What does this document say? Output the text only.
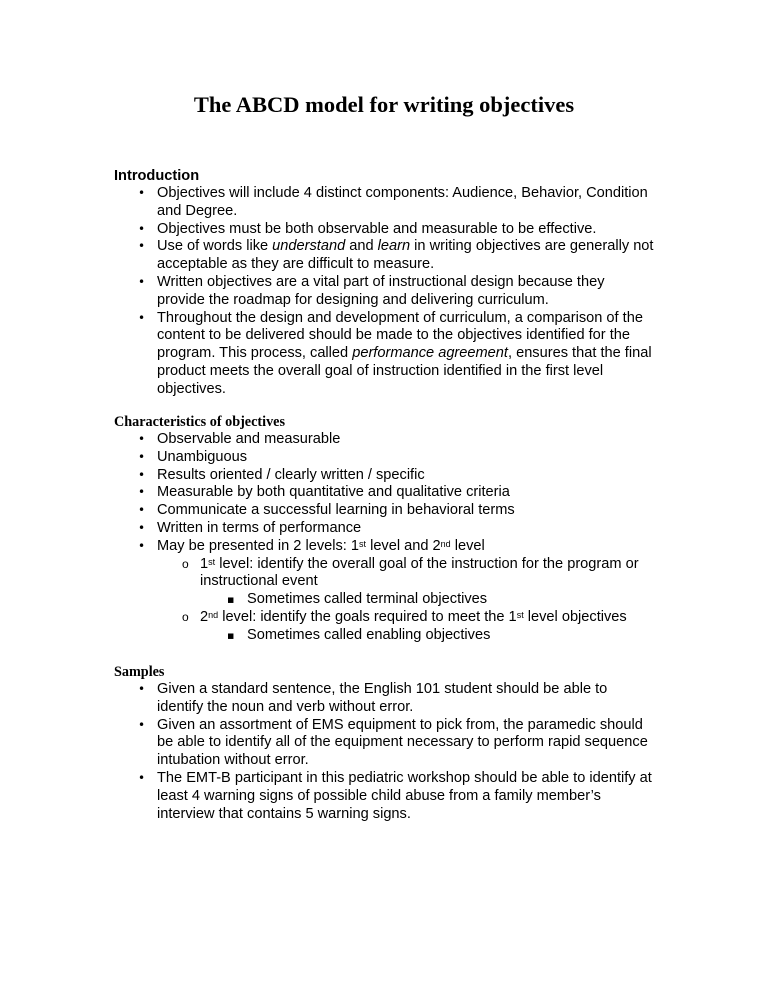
The ABCD model for writing objectives
Introduction
• Objectives will include 4 distinct components: Audience, Behavior, Condition and Degree.
• Objectives must be both observable and measurable to be effective.
• Use of words like understand and learn in writing objectives are generally not acceptable as they are difficult to measure.
• Written objectives are a vital part of instructional design because they provide the roadmap for designing and delivering curriculum.
• Throughout the design and development of curriculum, a comparison of the content to be delivered should be made to the objectives identified for the program. This process, called performance agreement, ensures that the final product meets the overall goal of instruction identified in the first level objectives.
Characteristics of objectives
• Observable and measurable
• Unambiguous
• Results oriented / clearly written / specific
• Measurable by both quantitative and qualitative criteria
• Communicate a successful learning in behavioral terms
• Written in terms of performance
• May be presented in 2 levels: 1st level and 2nd level
o 1st level: identify the overall goal of the instruction for the program or instructional event
▪ Sometimes called terminal objectives
o 2nd level: identify the goals required to meet the 1st level objectives
▪ Sometimes called enabling objectives
Samples
• Given a standard sentence, the English 101 student should be able to identify the noun and verb without error.
• Given an assortment of EMS equipment to pick from, the paramedic should be able to identify all of the equipment necessary to perform rapid sequence intubation without error.
• The EMT-B participant in this pediatric workshop should be able to identify at least 4 warning signs of possible child abuse from a family member’s interview that contains 5 warning signs.
